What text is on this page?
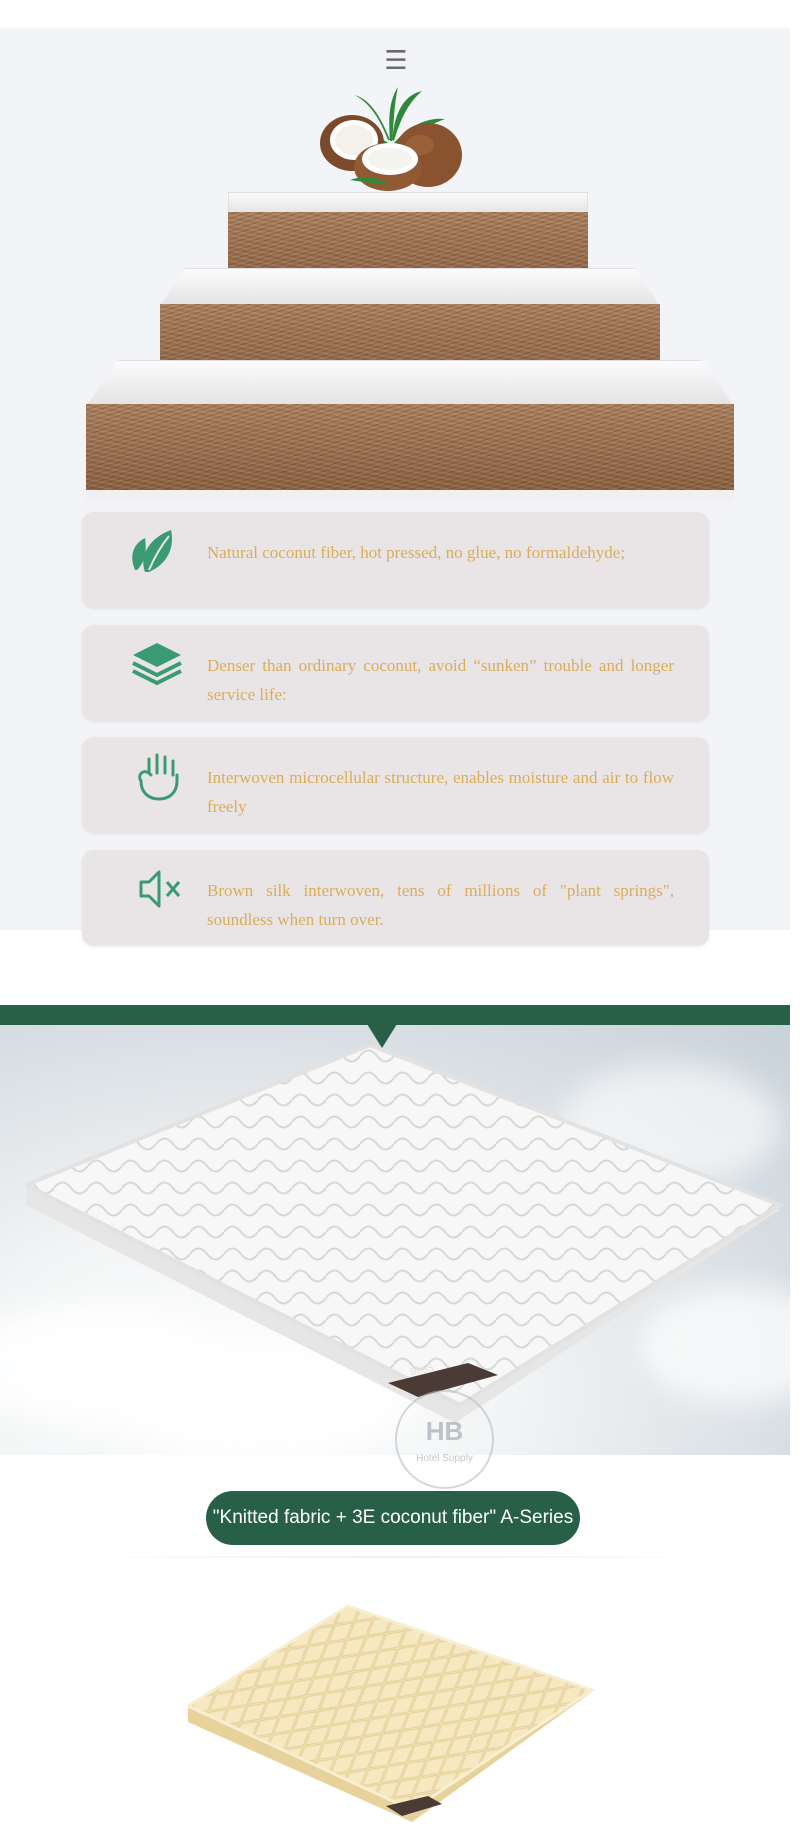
☰
Natural coconut fiber, hot pressed, no glue, no formaldehyde;
Denser than ordinary coconut, avoid “sunken” trouble and longer service life:
Interwoven microcellular structure, enables moisture and air to flow freely
Brown silk interwoven, tens of millions of "plant springs", soundless when turn over.
BESS
HB
Hotel Supply
"Knitted fabric + 3E coconut fiber" A-Series
